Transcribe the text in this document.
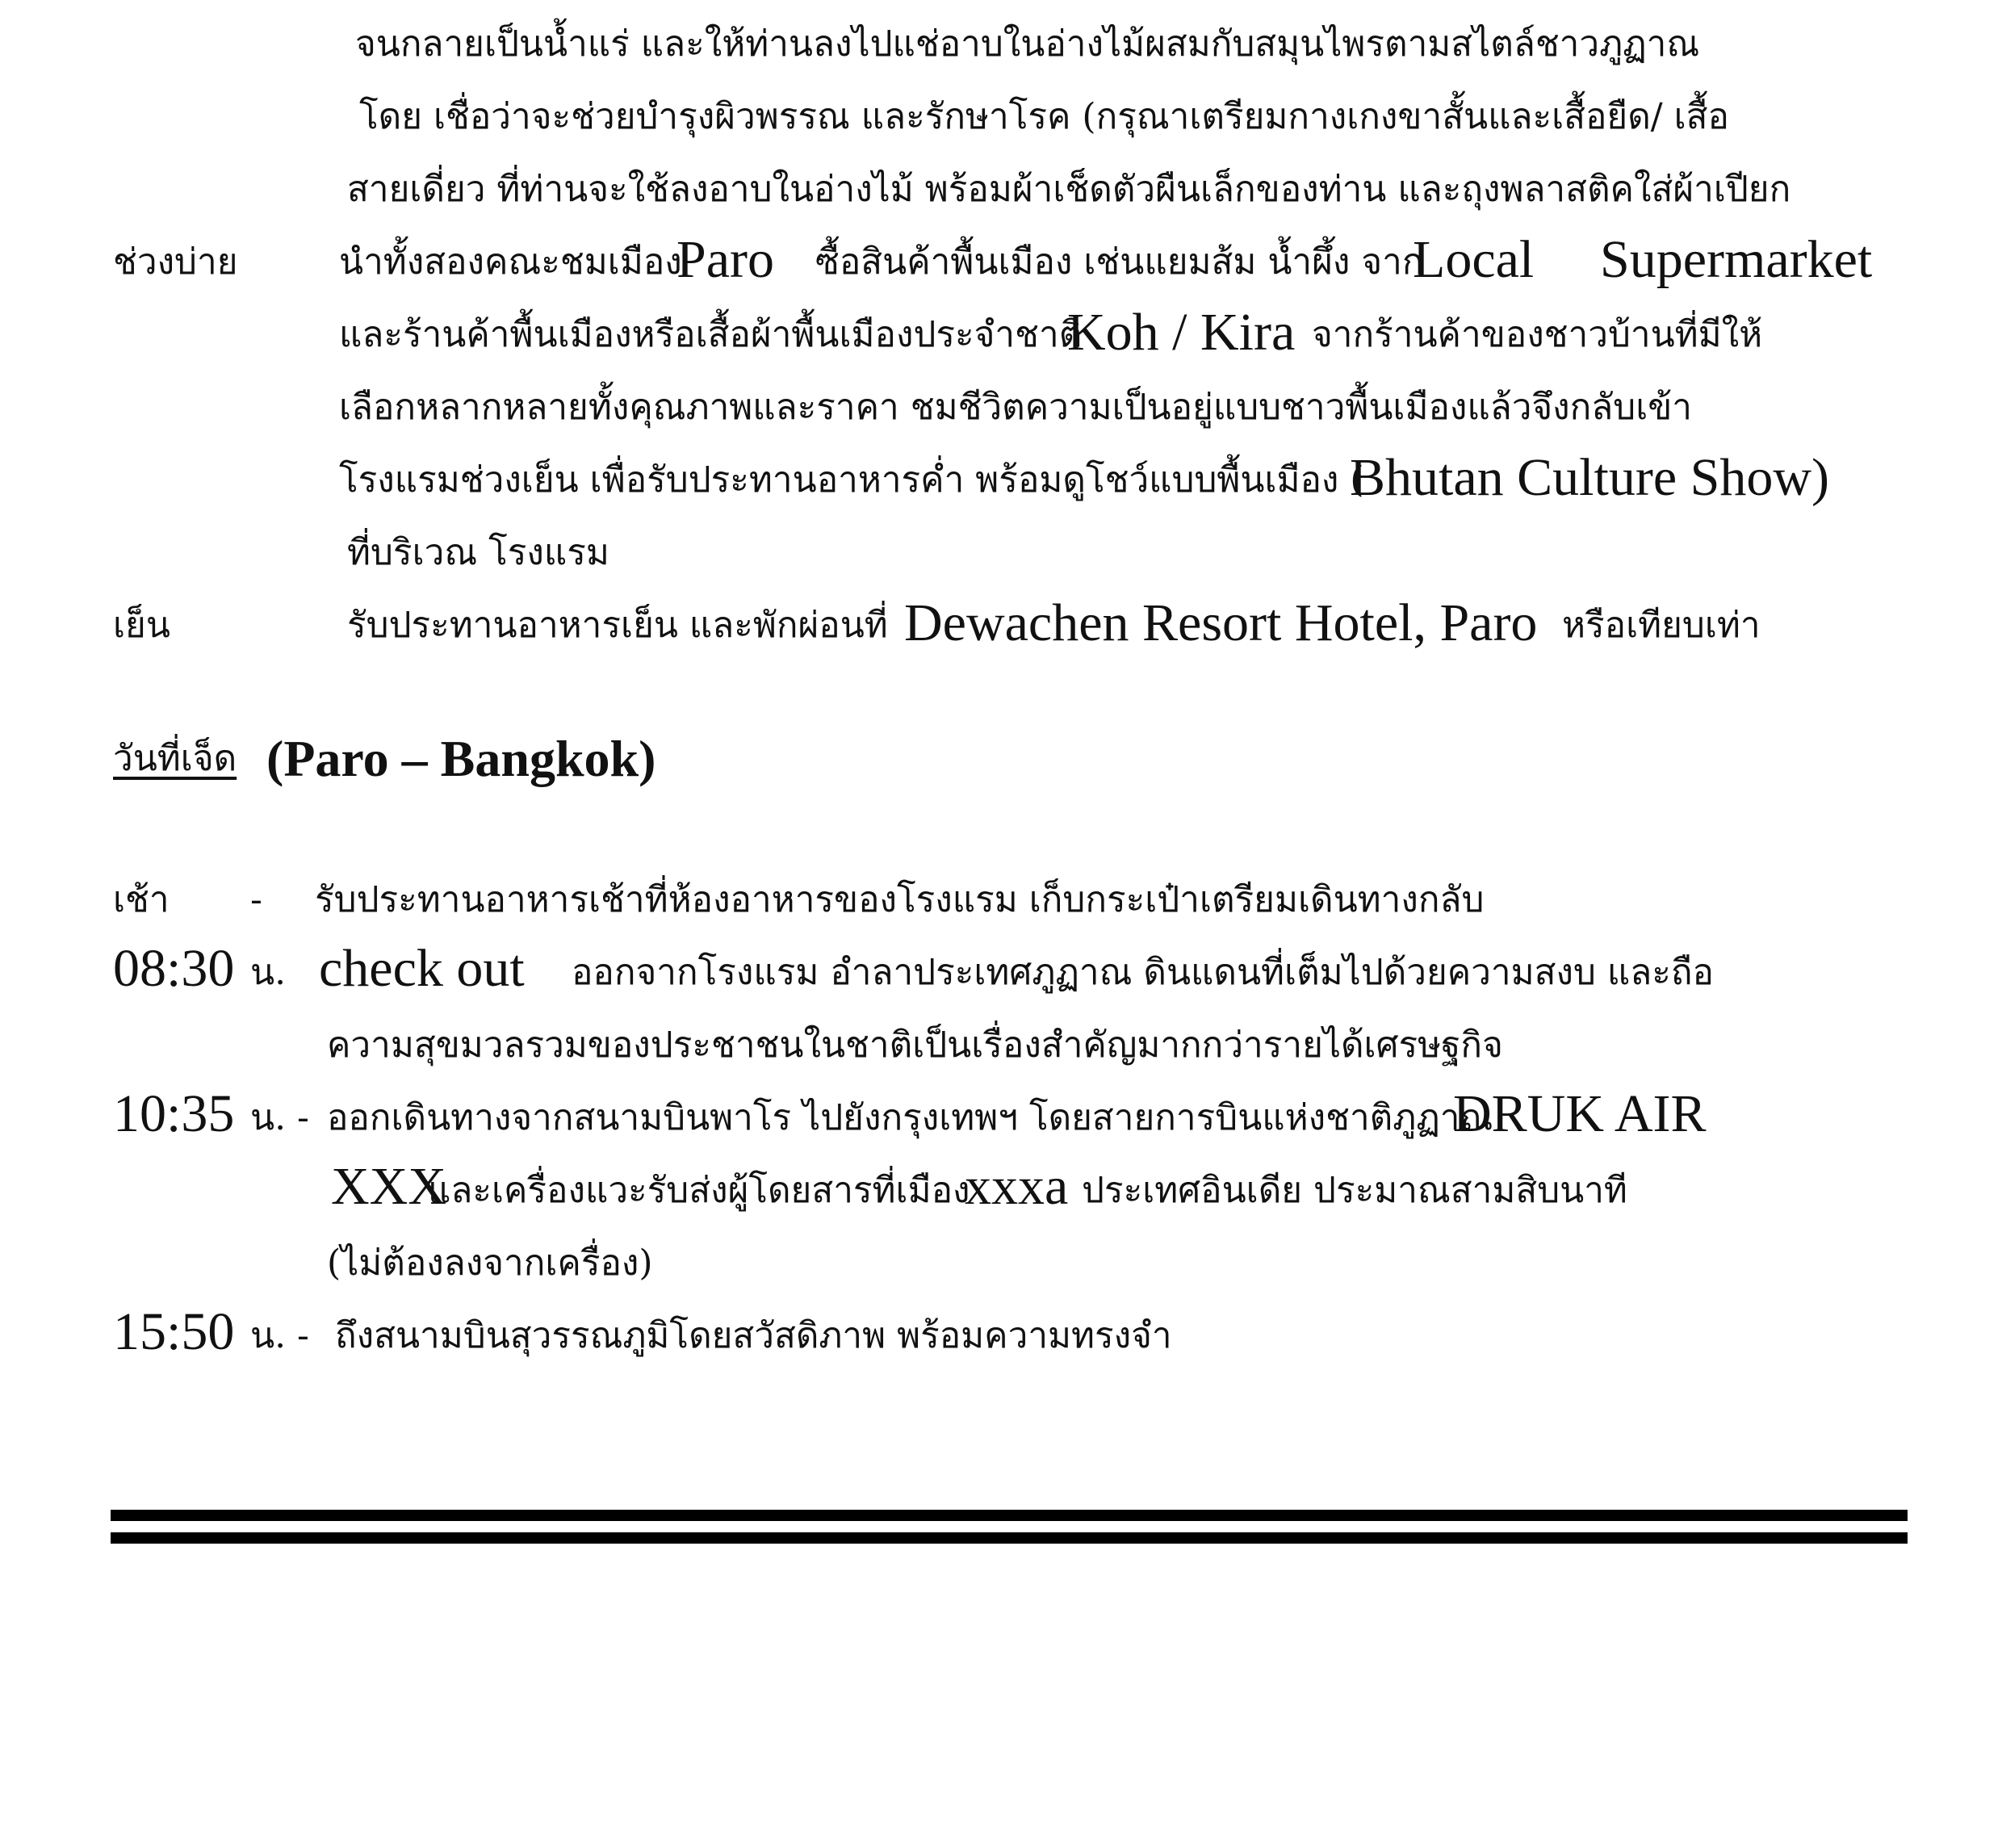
จนกลายเป็นน้ำแร่ และให้ท่านลงไปแช่อาบในอ่างไม้ผสมกับสมุนไพรตามสไตล์ชาวภูฏาณ
โดย เชื่อว่าจะช่วยบำรุงผิวพรรณ และรักษาโรค (กรุณาเตรียมกางเกงขาสั้นและเสื้อยืด/ เสื้อ
สายเดี่ยว ที่ท่านจะใช้ลงอาบในอ่างไม้ พร้อมผ้าเช็ดตัวผืนเล็กของท่าน และถุงพลาสติคใส่ผ้าเปียก
ช่วงบ่าย	นำทั้งสองคณะชมเมือง
Paro ซื้อสินค้าพื้นเมือง เช่นแยมส้ม น้ำผึ้ง จาก
Local Supermarket
และร้านค้าพื้นเมืองหรือเสื้อผ้าพื้นเมืองประจำชาติ
Koh / Kira จากร้านค้าของชาวบ้านที่มีให้
เลือกหลากหลายทั้งคุณภาพและราคา ชมชีวิตความเป็นอยู่แบบชาวพื้นเมืองแล้วจึงกลับเข้า
โรงแรมช่วงเย็น เพื่อรับประทานอาหารค่ำ พร้อมดูโชว์แบบพื้นเมือง (
Bhutan Culture Show)
ที่บริเวณ โรงแรม
เย็น	รับประทานอาหารเย็น และพักผ่อนที่ Dewachen Resort Hotel, Paro หรือเทียบเท่า
วันที่เจ็ด (Paro – Bangkok)
เช้า - รับประทานอาหารเช้าที่ห้องอาหารของโรงแรม เก็บกระเป๋าเตรียมเดินทางกลับ
08:30 น. check out ออกจากโรงแรม อำลาประเทศภูฏาณ ดินแดนที่เต็มไปด้วยความสงบ และถือ
ความสุขมวลรวมของประชาชนในชาติเป็นเรื่องสำคัญมากกว่ารายได้เศรษฐกิจ
10:35 น. - ออกเดินทางจากสนามบินพาโร ไปยังกรุงเทพฯ โดยสายการบินแห่งชาติภูฏาณ
DRUK AIR
XXX
และเครื่องแวะรับส่งผู้โดยสารที่เมือง
xxxa ประเทศอินเดีย ประมาณสามสิบนาที
(ไม่ต้องลงจากเครื่อง)
15:50 น. - ถึงสนามบินสุวรรณภูมิโดยสวัสดิภาพ พร้อมความทรงจำ
